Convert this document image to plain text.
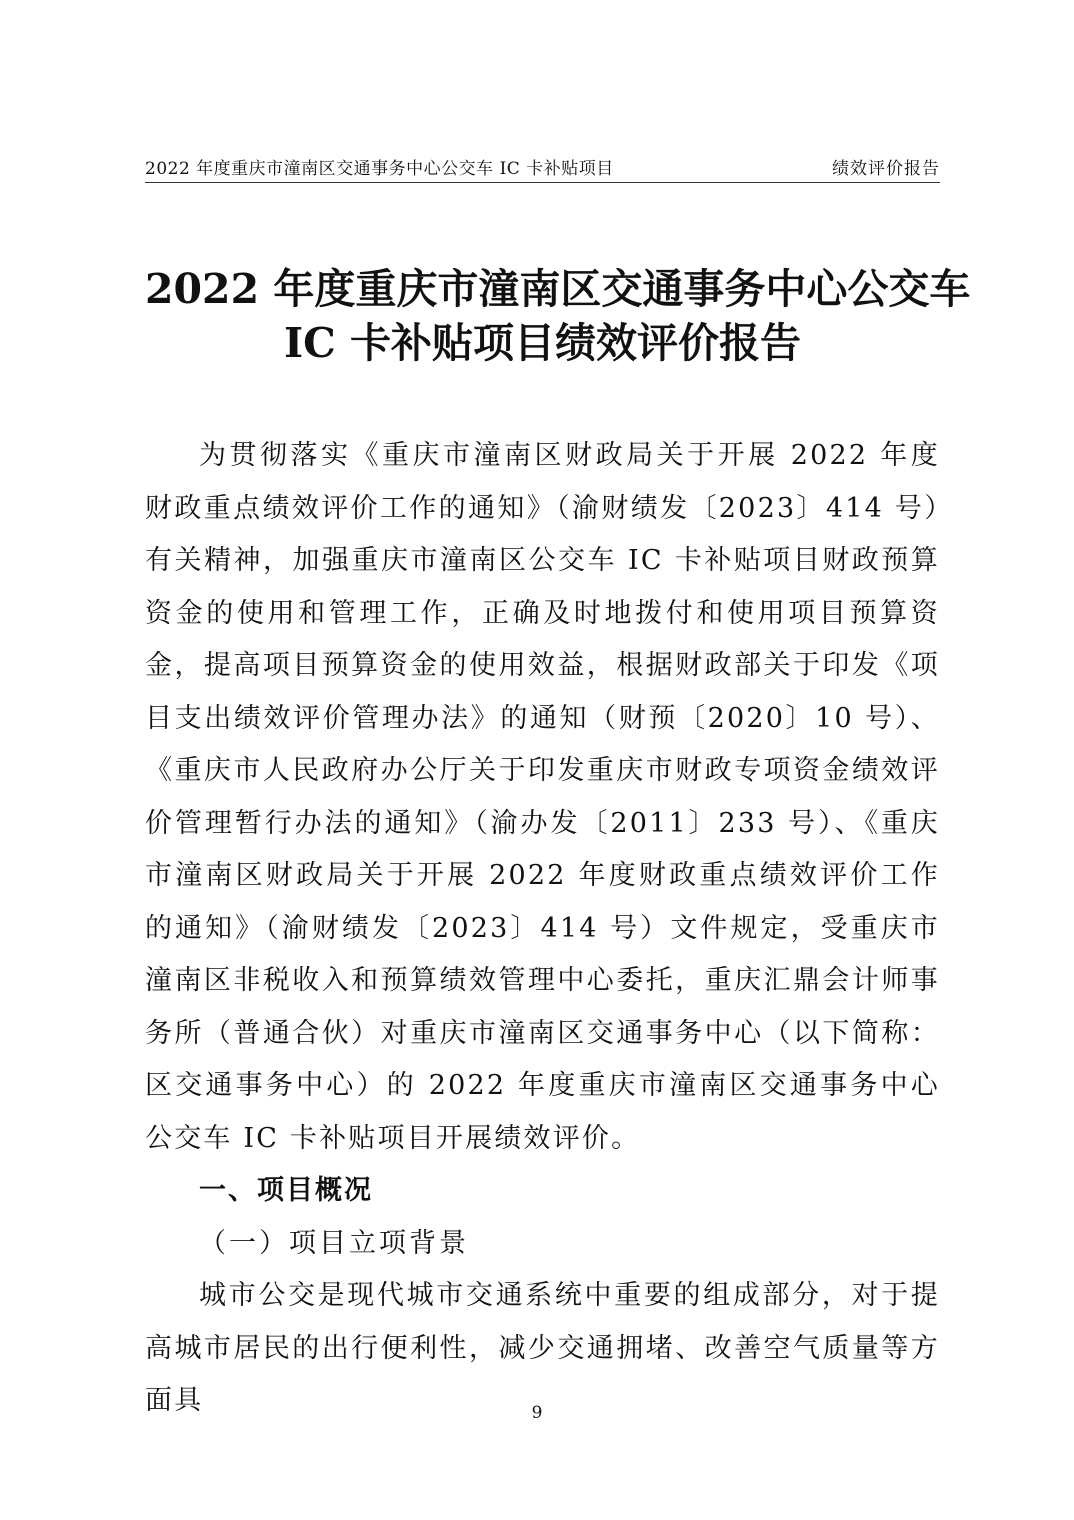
2022 年度重庆市潼南区交通事务中心公交车 IC 卡补贴项目	绩效评价报告
2022 年度重庆市潼南区交通事务中心公交车
IC 卡补贴项目绩效评价报告

为贯彻落实《重庆市潼南区财政局关于开展 2022 年度财政重点绩效评价工作的通知》（渝财绩发〔2023〕414 号）有关精神，加强重庆市潼南区公交车 IC 卡补贴项目财政预算资金的使用和管理工作，正确及时地拨付和使用项目预算资金，提高项目预算资金的使用效益，根据财政部关于印发《项目支出绩效评价管理办法》的通知（财预〔2020〕10 号）、《重庆市人民政府办公厅关于印发重庆市财政专项资金绩效评价管理暂行办法的通知》（渝办发〔2011〕233 号）、《重庆市潼南区财政局关于开展 2022 年度财政重点绩效评价工作的通知》（渝财绩发〔2023〕414 号）文件规定，受重庆市潼南区非税收入和预算绩效管理中心委托，重庆汇鼎会计师事务所（普通合伙）对重庆市潼南区交通事务中心（以下简称：区交通事务中心）的 2022 年度重庆市潼南区交通事务中心公交车 IC 卡补贴项目开展绩效评价。

一、项目概况

（一）项目立项背景

城市公交是现代城市交通系统中重要的组成部分，对于提高城市居民的出行便利性，减少交通拥堵、改善空气质量等方面具	9
